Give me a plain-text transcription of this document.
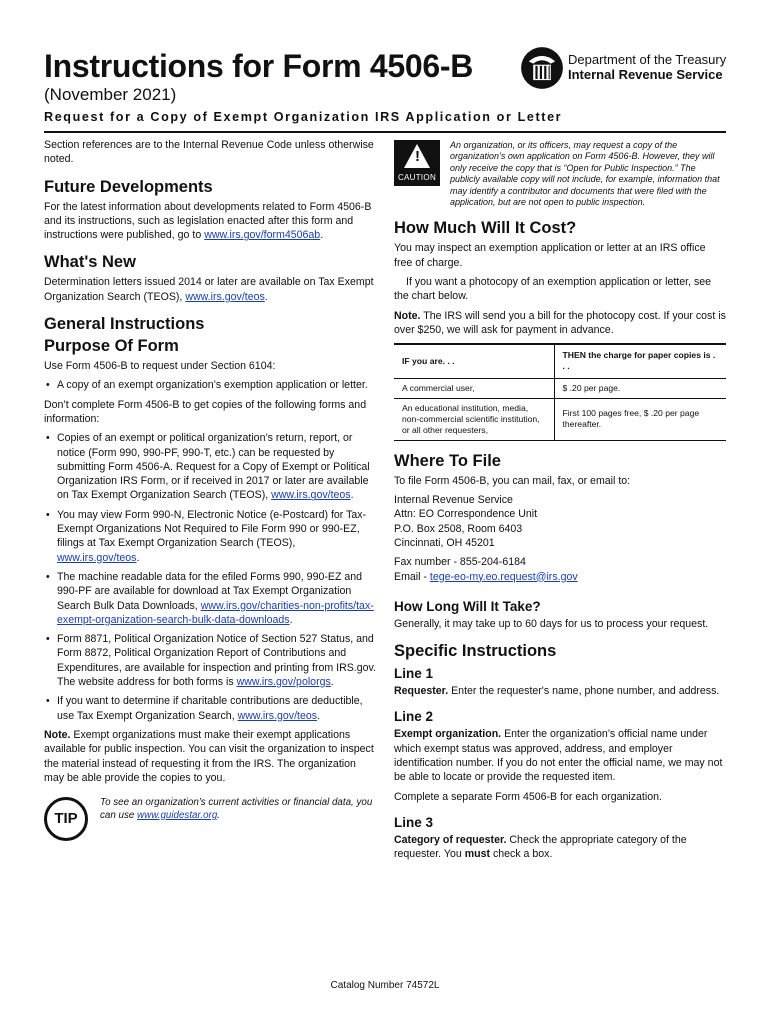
Instructions for Form 4506-B
(November 2021)
Request for a Copy of Exempt Organization IRS Application or Letter
Department of the Treasury
Internal Revenue Service

Section references are to the Internal Revenue Code unless otherwise noted.

Future Developments

For the latest information about developments related to Form 4506-B and its instructions, such as legislation enacted after this form and instructions were published, go to www.irs.gov/form4506ab.

What's New

Determination letters issued 2014 or later are available on Tax Exempt Organization Search (TEOS), www.irs.gov/teos.

General Instructions
Purpose Of Form

Use Form 4506-B to request under Section 6104:

• A copy of an exempt organization’s exemption application or letter.

Don’t complete Form 4506-B to get copies of the following forms and information:

• Copies of an exempt or political organization’s return, report, or notice (Form 990, 990-PF, 990-T, etc.) can be requested by submitting Form 4506-A. Request for a Copy of Exempt or Political Organization IRS Form, or if received in 2017 or later are available on Tax Exempt Organization Search (TEOS), www.irs.gov/teos.
• You may view Form 990-N, Electronic Notice (e-Postcard) for Tax-Exempt Organizations Not Required to File Form 990 or 990-EZ, filings at Tax Exempt Organization Search (TEOS), www.irs.gov/teos.
• The machine readable data for the efiled Forms 990, 990-EZ and 990-PF are available for download at Tax Exempt Organization Search Bulk Data Downloads, www.irs.gov/charities-non-profits/tax-exempt-organization-search-bulk-data-downloads.
• Form 8871, Political Organization Notice of Section 527 Status, and Form 8872, Political Organization Report of Contributions and Expenditures, are available for inspection and printing from IRS.gov. The website address for both forms is www.irs.gov/polorgs.
• If you want to determine if charitable contributions are deductible, use Tax Exempt Organization Search, www.irs.gov/teos.

Note. Exempt organizations must make their exempt applications available for public inspection. You can visit the organization to inspect the material instead of requesting it from the IRS. The organization may be able provide the copies to you.

TIP
To see an organization’s current activities or financial data, you can use www.guidestar.org.
!
CAUTION
An organization, or its officers, may request a copy of the organization’s own application on Form 4506-B. However, they will only receive the copy that is “Open for Public Inspection.” The publicly available copy will not include, for example, information that may identify a contributor and documents that were filed with the application, but are not open to public inspection.
How Much Will It Cost?

You may inspect an exemption application or letter at an IRS office free of charge.

If you want a photocopy of an exemption application or letter, see the chart below.

Note. The IRS will send you a bill for the photocopy cost. If your cost is over $250, we will ask for payment in advance.

IF you are. . .	THEN the charge for paper copies is . . .
A commercial user,	$ .20 per page.
An educational institution, media, non-commercial scientific institution, or all other requesters,	First 100 pages free, $ .20 per page thereafter.
Where To File

To file Form 4506-B, you can mail, fax, or email to:

Internal Revenue Service

Attn: EO Correspondence Unit

P.O. Box 2508, Room 6403

Cincinnati, OH 45201

Fax number - 855-204-6184

Email - tege-eo-my.eo.request@irs.gov

How Long Will It Take?

Generally, it may take up to 60 days for us to process your request.

Specific Instructions
Line 1

Requester. Enter the requester's name, phone number, and address.

Line 2

Exempt organization. Enter the organization’s official name under which exempt status was approved, address, and employer identification number. If you do not enter the official name, we may not be able to locate or provide the requested item.

Complete a separate Form 4506-B for each organization.

Line 3

Category of requester. Check the appropriate category of the requester. You must check a box.

Catalog Number 74572L
